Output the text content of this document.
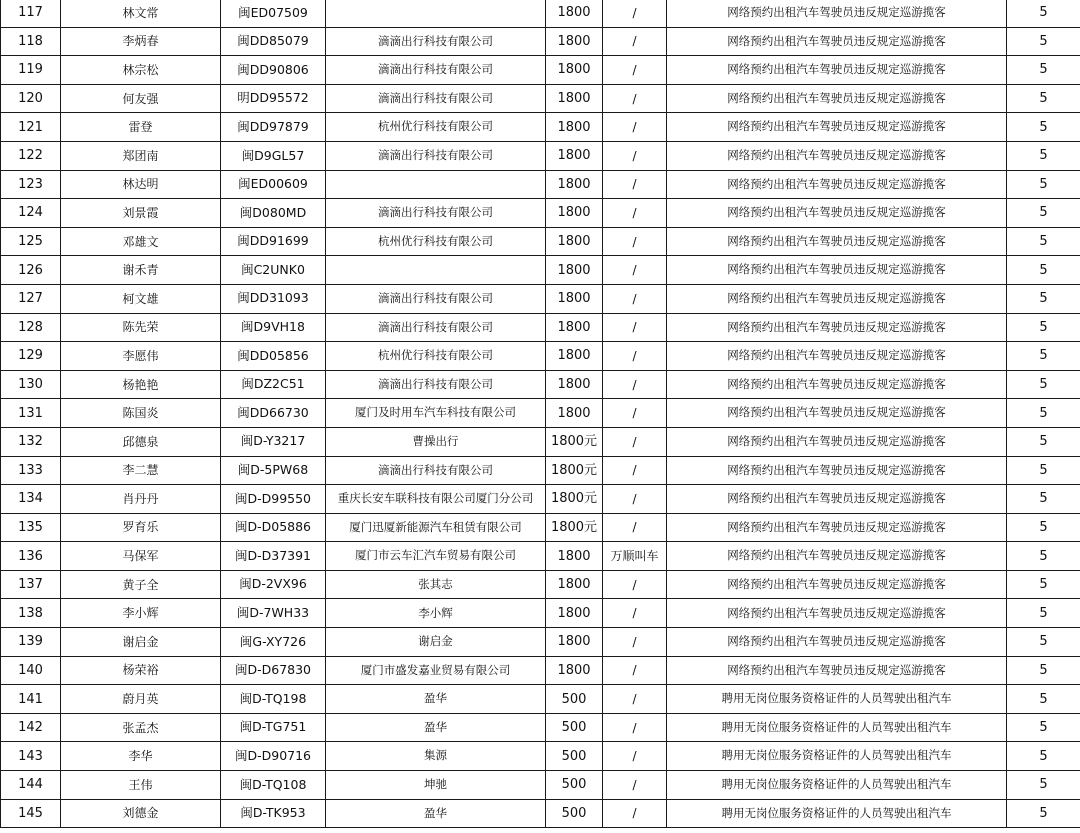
117	林文常	闽ED07509		1800	/	网络预约出租汽车驾驶员违反规定巡游揽客	5
118	李炳春	闽DD85079	滴滴出行科技有限公司	1800	/	网络预约出租汽车驾驶员违反规定巡游揽客	5
119	林宗松	闽DD90806	滴滴出行科技有限公司	1800	/	网络预约出租汽车驾驶员违反规定巡游揽客	5
120	何友强	明DD95572	滴滴出行科技有限公司	1800	/	网络预约出租汽车驾驶员违反规定巡游揽客	5
121	雷登	闽DD97879	杭州优行科技有限公司	1800	/	网络预约出租汽车驾驶员违反规定巡游揽客	5
122	郑团南	闽D9GL57	滴滴出行科技有限公司	1800	/	网络预约出租汽车驾驶员违反规定巡游揽客	5
123	林达明	闽ED00609		1800	/	网络预约出租汽车驾驶员违反规定巡游揽客	5
124	刘景霞	闽D080MD	滴滴出行科技有限公司	1800	/	网络预约出租汽车驾驶员违反规定巡游揽客	5
125	邓雄文	闽DD91699	杭州优行科技有限公司	1800	/	网络预约出租汽车驾驶员违反规定巡游揽客	5
126	谢禾青	闽C2UNK0		1800	/	网络预约出租汽车驾驶员违反规定巡游揽客	5
127	柯文雄	闽DD31093	滴滴出行科技有限公司	1800	/	网络预约出租汽车驾驶员违反规定巡游揽客	5
128	陈先荣	闽D9VH18	滴滴出行科技有限公司	1800	/	网络预约出租汽车驾驶员违反规定巡游揽客	5
129	李愿伟	闽DD05856	杭州优行科技有限公司	1800	/	网络预约出租汽车驾驶员违反规定巡游揽客	5
130	杨艳艳	闽DZ2C51	滴滴出行科技有限公司	1800	/	网络预约出租汽车驾驶员违反规定巡游揽客	5
131	陈国炎	闽DD66730	厦门及时用车汽车科技有限公司	1800	/	网络预约出租汽车驾驶员违反规定巡游揽客	5
132	邱德泉	闽D-Y3217	曹操出行	1800元	/	网络预约出租汽车驾驶员违反规定巡游揽客	5
133	李二慧	闽D-5PW68	滴滴出行科技有限公司	1800元	/	网络预约出租汽车驾驶员违反规定巡游揽客	5
134	肖丹丹	闽D-D99550	重庆长安车联科技有限公司厦门分公司	1800元	/	网络预约出租汽车驾驶员违反规定巡游揽客	5
135	罗育乐	闽D-D05886	厦门迅厦新能源汽车租赁有限公司	1800元	/	网络预约出租汽车驾驶员违反规定巡游揽客	5
136	马保军	闽D-D37391	厦门市云车汇汽车贸易有限公司	1800	万顺叫车	网络预约出租汽车驾驶员违反规定巡游揽客	5
137	黄子全	闽D-2VX96	张其志	1800	/	网络预约出租汽车驾驶员违反规定巡游揽客	5
138	李小辉	闽D-7WH33	李小辉	1800	/	网络预约出租汽车驾驶员违反规定巡游揽客	5
139	谢启金	闽G-XY726	谢启金	1800	/	网络预约出租汽车驾驶员违反规定巡游揽客	5
140	杨荣裕	闽D-D67830	厦门市盛发嘉业贸易有限公司	1800	/	网络预约出租汽车驾驶员违反规定巡游揽客	5
141	蔚月英	闽D-TQ198	盈华	500	/	聘用无岗位服务资格证件的人员驾驶出租汽车	5
142	张孟杰	闽D-TG751	盈华	500	/	聘用无岗位服务资格证件的人员驾驶出租汽车	5
143	李华	闽D-D90716	集源	500	/	聘用无岗位服务资格证件的人员驾驶出租汽车	5
144	王伟	闽D-TQ108	坤驰	500	/	聘用无岗位服务资格证件的人员驾驶出租汽车	5
145	刘德金	闽D-TK953	盈华	500	/	聘用无岗位服务资格证件的人员驾驶出租汽车	5
